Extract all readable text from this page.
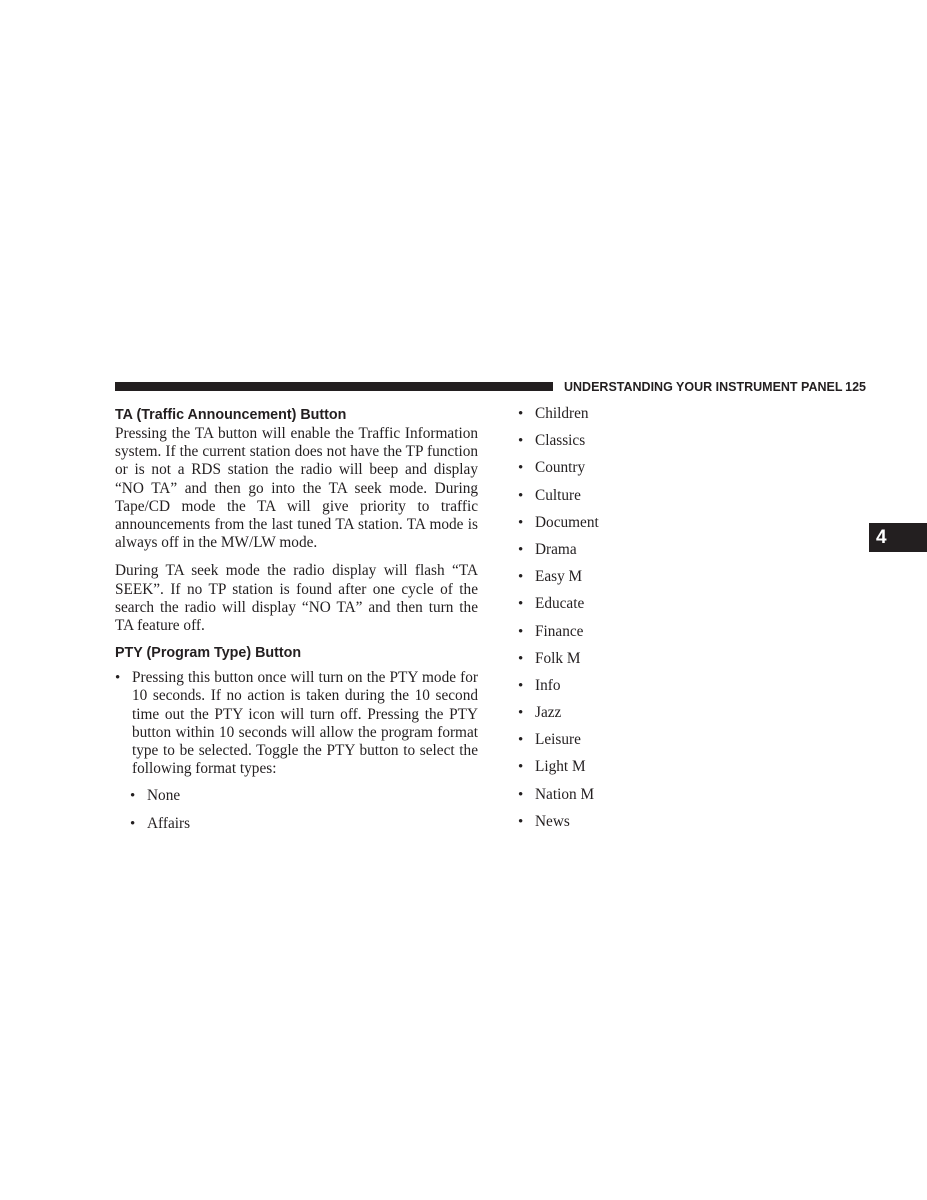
UNDERSTANDING YOUR INSTRUMENT PANEL 125
4
TA (Traffic Announcement) Button

Pressing the TA button will enable the Traffic Information system. If the current station does not have the TP function or is not a RDS station the radio will beep and display “NO TA” and then go into the TA seek mode. During Tape/CD mode the TA will give priority to traffic announcements from the last tuned TA station. TA mode is always off in the MW/LW mode.

During TA seek mode the radio display will flash “TA SEEK”. If no TP station is found after one cycle of the search the radio will display “NO TA” and then turn the TA feature off.

PTY (Program Type) Button
• Pressing this button once will turn on the PTY mode for 10 seconds. If no action is taken during the 10 second time out the PTY icon will turn off. Pressing the PTY button within 10 seconds will allow the program format type to be selected. Toggle the PTY button to select the following format types:

• None
• Affairs
• Children
• Classics
• Country
• Culture
• Document
• Drama
• Easy M
• Educate
• Finance
• Folk M
• Info
• Jazz
• Leisure
• Light M
• Nation M
• News
